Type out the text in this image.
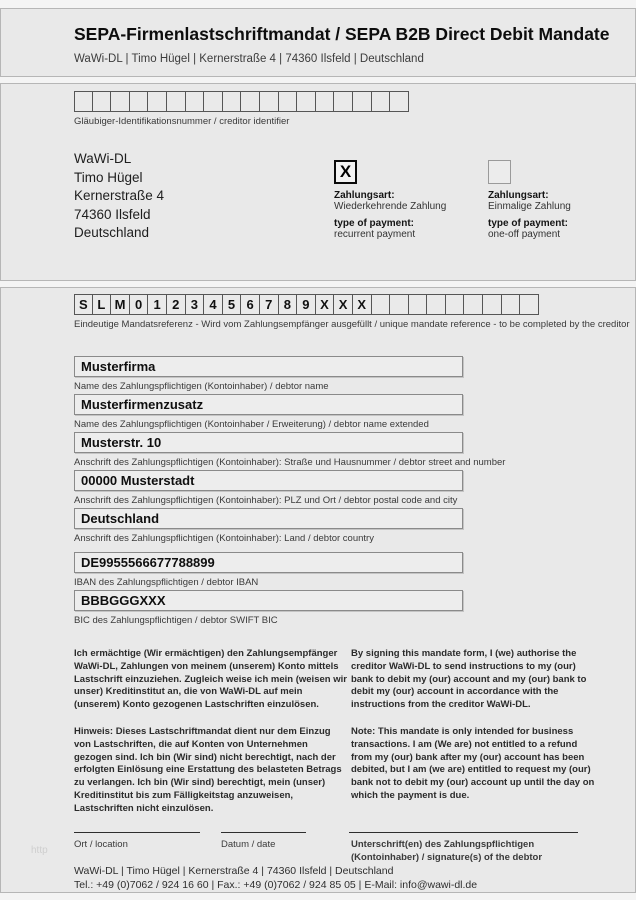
SEPA-Firmenlastschriftmandat / SEPA B2B Direct Debit Mandate
WaWi-DL | Timo Hügel | Kernerstraße 4 | 74360 Ilsfeld | Deutschland
Gläubiger-Identifikationsnummer / creditor identifier
WaWi-DL
Timo Hügel
Kernerstraße 4
74360 Ilsfeld
Deutschland
X
Zahlungsart:
Wiederkehrende Zahlung
type of payment:
recurrent payment
Zahlungsart:
Einmalige Zahlung
type of payment:
one-off payment
S L M 0 1 2 3 4 5 6 7 8 9 X X X
Eindeutige Mandatsreferenz - Wird vom Zahlungsempfänger ausgefüllt / unique mandate reference - to be completed by the creditor
Musterfirma
Name des Zahlungspflichtigen (Kontoinhaber) / debtor name
Musterfirmenzusatz
Name des Zahlungspflichtigen (Kontoinhaber / Erweiterung) / debtor name extended
Musterstr. 10
Anschrift des Zahlungspflichtigen (Kontoinhaber): Straße und Hausnummer / debtor street and number
00000 Musterstadt
Anschrift des Zahlungspflichtigen (Kontoinhaber): PLZ und Ort / debtor postal code and city
Deutschland
Anschrift des Zahlungspflichtigen (Kontoinhaber): Land / debtor country
DE9955566677788899
IBAN des Zahlungspflichtigen / debtor IBAN
BBBGGGXXX
BIC des Zahlungspflichtigen / debtor SWIFT BIC
Ich ermächtige (Wir ermächtigen) den Zahlungsempfänger WaWi-DL, Zahlungen von meinem (unserem) Konto mittels Lastschrift einzuziehen. Zugleich weise ich mein (weisen wir unser) Kreditinstitut an, die von WaWi-DL auf mein (unserem) Konto gezogenen Lastschriften einzulösen.
Hinweis: Dieses Lastschriftmandat dient nur dem Einzug von Lastschriften, die auf Konten von Unternehmen gezogen sind. Ich bin (Wir sind) nicht berechtigt, nach der erfolgten Einlösung eine Erstattung des belasteten Betrags zu verlangen. Ich bin (Wir sind) berechtigt, mein (unser) Kreditinstitut bis zum Fälligkeitstag anzuweisen, Lastschriften nicht einzulösen.
By signing this mandate form, I (we) authorise the creditor WaWi-DL to send instructions to my (our) bank to debit my (our) account and my (our) bank to debit my (our) account in accordance with the instructions from the creditor WaWi-DL.
Note: This mandate is only intended for business transactions. I am (We are) not entitled to a refund from my (our) bank after my (our) account has been debited, but I am (we are) entitled to request my (our) bank not to debit my (our) account up until the day on which the payment is due.
Ort / location	Datum / date	Unterschrift(en) des Zahlungspflichtigen (Kontoinhaber) / signature(s) of the debtor
WaWi-DL | Timo Hügel | Kernerstraße 4 | 74360 Ilsfeld | Deutschland
Tel.: +49 (0)7062 / 924 16 60 | Fax.: +49 (0)7062 / 924 85 05 | E-Mail: info@wawi-dl.de
http
